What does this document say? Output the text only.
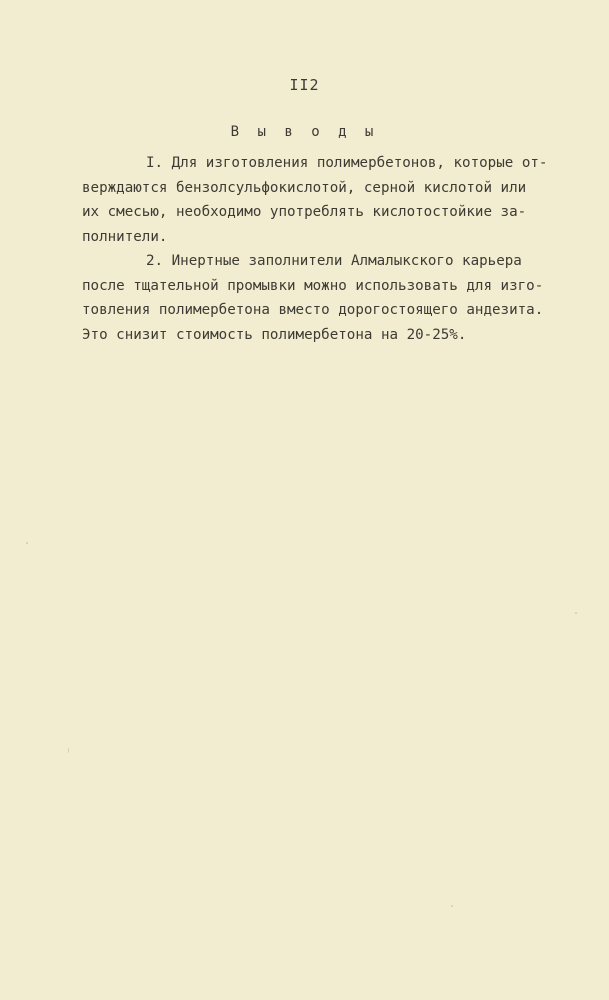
II2
В ы в о д ы
I. Для изготовления полимербетонов, которые от-
верждаются бензолсульфокислотой, серной кислотой или
их смесью, необходимо употреблять кислотостойкие за-
полнители.
2. Инертные заполнители Алмалыкского карьера
после тщательной промывки можно использовать для изго-
товления полимербетона вместо дорогостоящего андезита.
Это снизит стоимость полимербетона на 20-25%.
